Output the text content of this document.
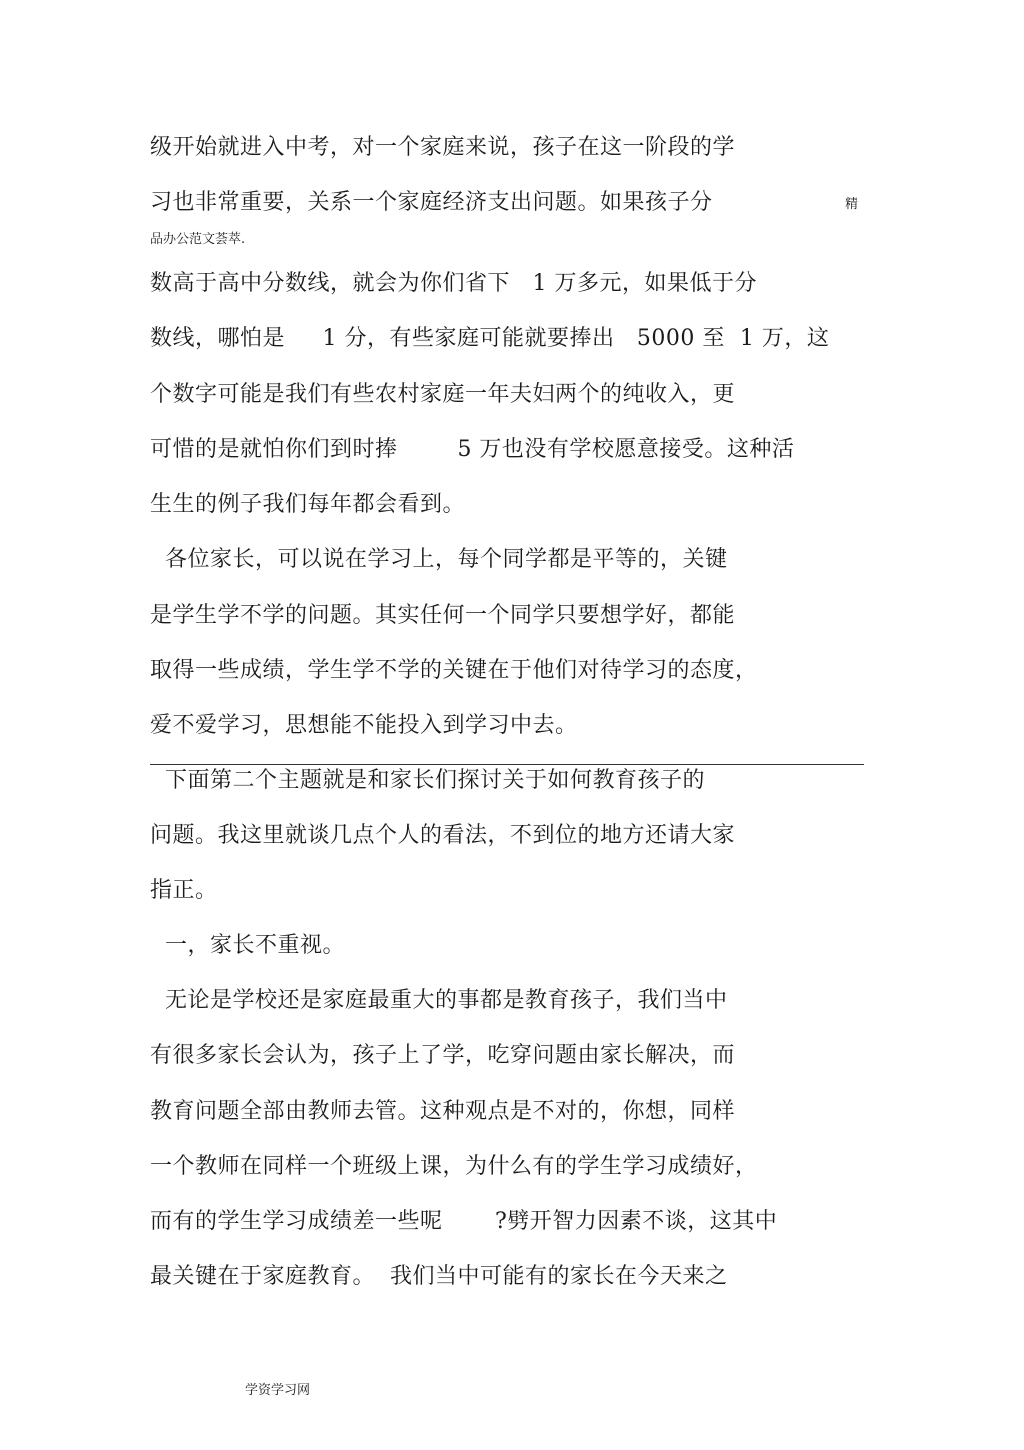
级开始就进入中考，对一个家庭来说，孩子在这一阶段的学
习也非常重要，关系一个家庭经济支出问题。如果孩子分	精
品办公范文荟萃.
数高于高中分数线，就会为你们省下   1 万多元，如果低于分
数线，哪怕是     1 分，有些家庭可能就要捧出   5000 至  1 万，这
个数字可能是我们有些农村家庭一年夫妇两个的纯收入，更
可惜的是就怕你们到时捧        5 万也没有学校愿意接受。这种活
生生的例子我们每年都会看到。
各位家长，可以说在学习上，每个同学都是平等的，关键
是学生学不学的问题。其实任何一个同学只要想学好，都能
取得一些成绩，学生学不学的关键在于他们对待学习的态度，
爱不爱学习，思想能不能投入到学习中去。
下面第二个主题就是和家长们探讨关于如何教育孩子的
问题。我这里就谈几点个人的看法，不到位的地方还请大家
指正。
一，家长不重视。
无论是学校还是家庭最重大的事都是教育孩子，我们当中
有很多家长会认为，孩子上了学，吃穿问题由家长解决，而
教育问题全部由教师去管。这种观点是不对的，你想，同样
一个教师在同样一个班级上课，为什么有的学生学习成绩好，
而有的学生学习成绩差一些呢       ?劈开智力因素不谈，这其中
最关键在于家庭教育。  我们当中可能有的家长在今天来之
学资学习网
